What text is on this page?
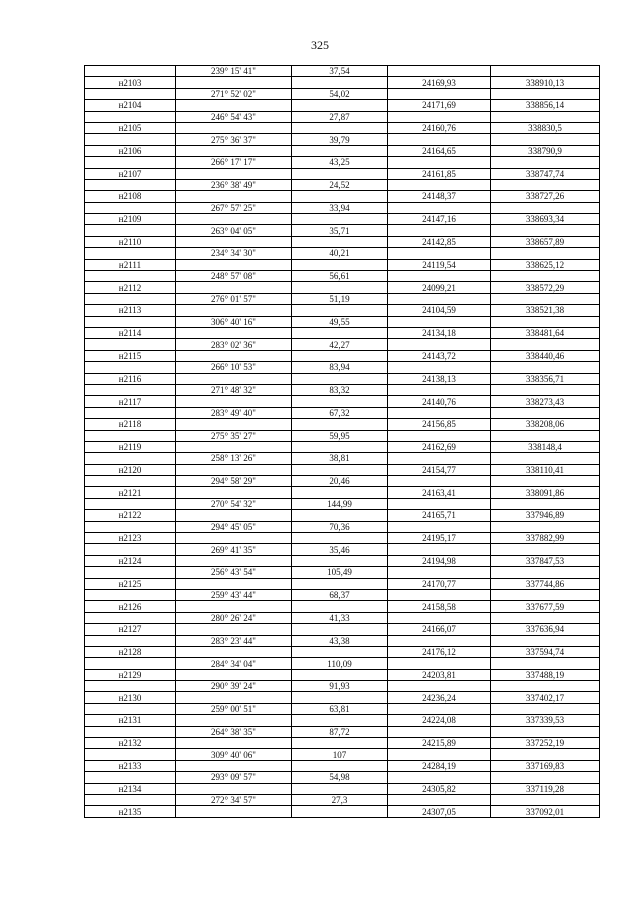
325
	239° 15' 41"	37,54		
н2103			24169,93	338910,13
	271° 52' 02"	54,02		
н2104			24171,69	338856,14
	246° 54' 43"	27,87		
н2105			24160,76	338830,5
	275° 36' 37"	39,79		
н2106			24164,65	338790,9
	266° 17' 17"	43,25		
н2107			24161,85	338747,74
	236° 38' 49"	24,52		
н2108			24148,37	338727,26
	267° 57' 25"	33,94		
н2109			24147,16	338693,34
	263° 04' 05"	35,71		
н2110			24142,85	338657,89
	234° 34' 30"	40,21		
н2111			24119,54	338625,12
	248° 57' 08"	56,61		
н2112			24099,21	338572,29
	276° 01' 57"	51,19		
н2113			24104,59	338521,38
	306° 40' 16"	49,55		
н2114			24134,18	338481,64
	283° 02' 36"	42,27		
н2115			24143,72	338440,46
	266° 10' 53"	83,94		
н2116			24138,13	338356,71
	271° 48' 32"	83,32		
н2117			24140,76	338273,43
	283° 49' 40"	67,32		
н2118			24156,85	338208,06
	275° 35' 27"	59,95		
н2119			24162,69	338148,4
	258° 13' 26"	38,81		
н2120			24154,77	338110,41
	294° 58' 29"	20,46		
н2121			24163,41	338091,86
	270° 54' 32"	144,99		
н2122			24165,71	337946,89
	294° 45' 05"	70,36		
н2123			24195,17	337882,99
	269° 41' 35"	35,46		
н2124			24194,98	337847,53
	256° 43' 54"	105,49		
н2125			24170,77	337744,86
	259° 43' 44"	68,37		
н2126			24158,58	337677,59
	280° 26' 24"	41,33		
н2127			24166,07	337636,94
	283° 23' 44"	43,38		
н2128			24176,12	337594,74
	284° 34' 04"	110,09		
н2129			24203,81	337488,19
	290° 39' 24"	91,93		
н2130			24236,24	337402,17
	259° 00' 51"	63,81		
н2131			24224,08	337339,53
	264° 38' 35"	87,72		
н2132			24215,89	337252,19
	309° 40' 06"	107		
н2133			24284,19	337169,83
	293° 09' 57"	54,98		
н2134			24305,82	337119,28
	272° 34' 57"	27,3		
н2135			24307,05	337092,01
